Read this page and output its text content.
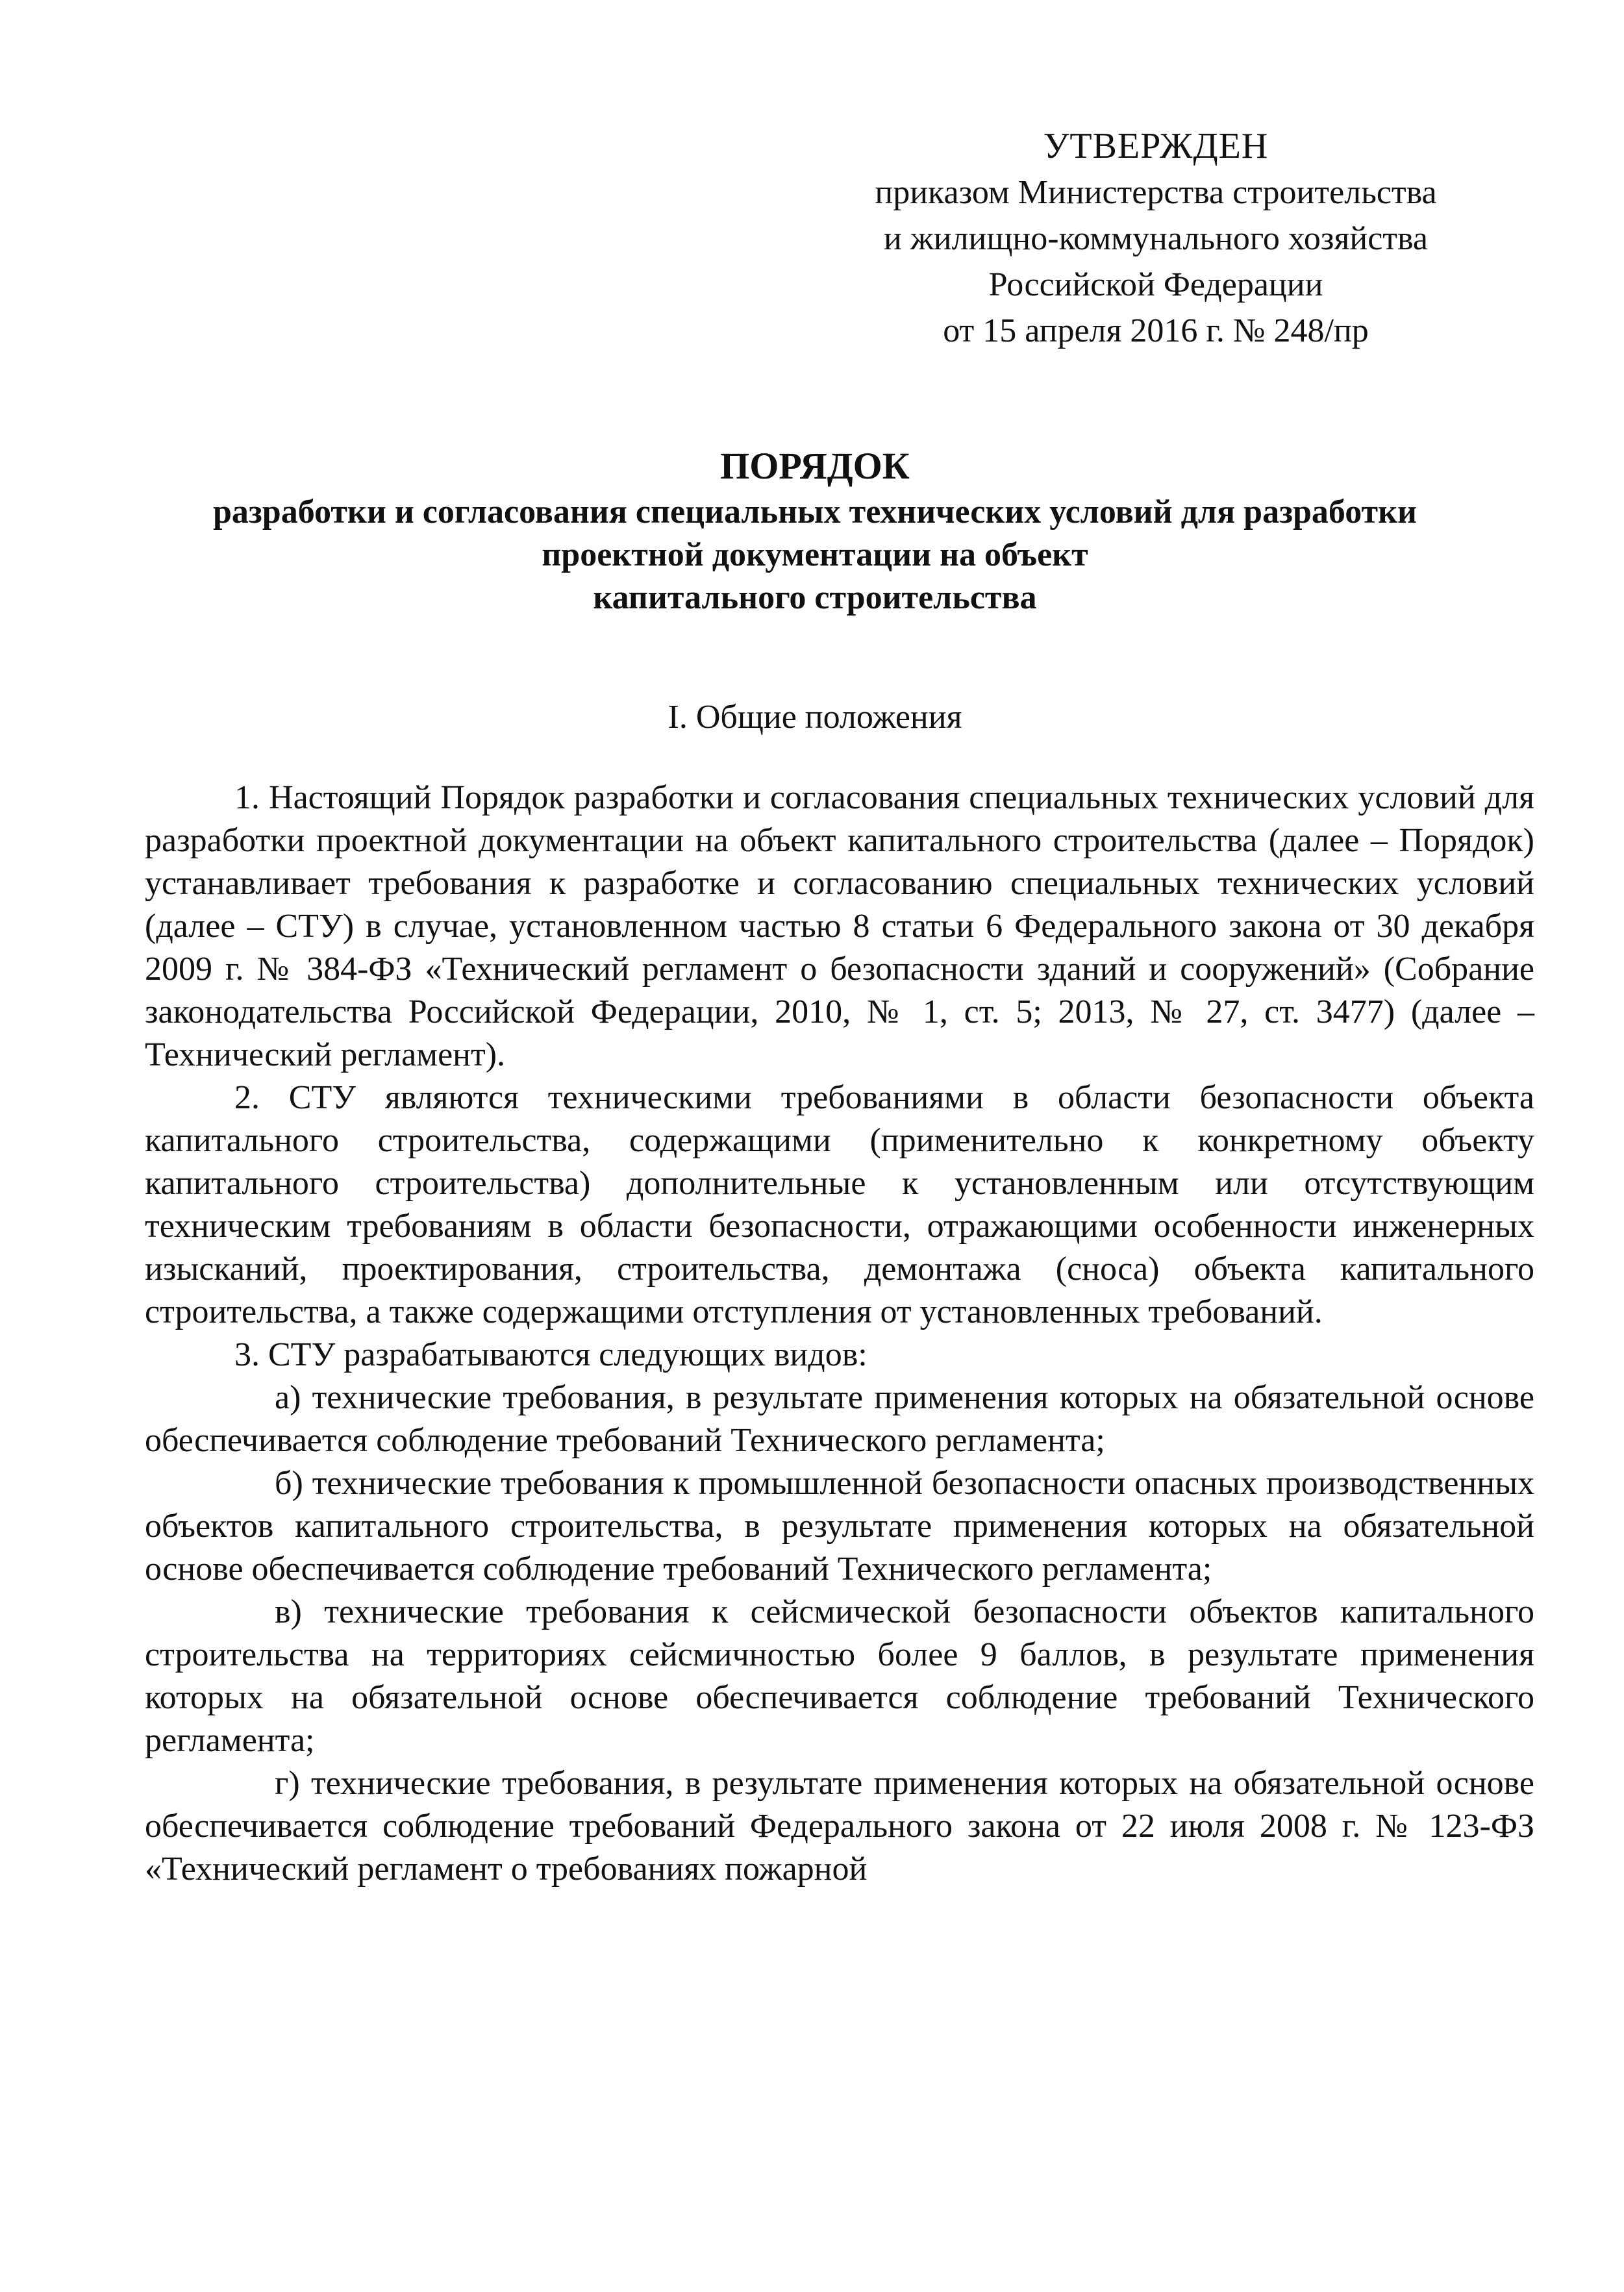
УТВЕРЖДЕН
приказом Министерства строительства
и жилищно-коммунального хозяйства
Российской Федерации
от 15 апреля 2016 г. № 248/пр
ПОРЯДОК
разработки и согласования специальных технических условий для разработки
проектной документации на объект
капитального строительства
I. Общие положения

1. Настоящий Порядок разработки и согласования специальных технических условий для разработки проектной документации на объект капитального строительства (далее – Порядок) устанавливает требования к разработке и согласованию специальных технических условий (далее – СТУ) в случае, установленном частью 8 статьи 6 Федерального закона от 30 декабря 2009 г. № 384-ФЗ «Технический регламент о безопасности зданий и сооружений» (Собрание законодательства Российской Федерации, 2010, № 1, ст. 5; 2013, № 27, ст. 3477) (далее – Технический регламент).

2. СТУ являются техническими требованиями в области безопасности объекта капитального строительства, содержащими (применительно к конкретному объекту капитального строительства) дополнительные к установленным или отсутствующим техническим требованиям в области безопасности, отражающими особенности инженерных изысканий, проектирования, строительства, демонтажа (сноса) объекта капитального строительства, а также содержащими отступления от установленных требований.

3. СТУ разрабатываются следующих видов:

а) технические требования, в результате применения которых на обязательной основе обеспечивается соблюдение требований Технического регламента;

б) технические требования к промышленной безопасности опасных производственных объектов капитального строительства, в результате применения которых на обязательной основе обеспечивается соблюдение требований Технического регламента;

в) технические требования к сейсмической безопасности объектов капитального строительства на территориях сейсмичностью более 9 баллов, в результате применения которых на обязательной основе обеспечивается соблюдение требований Технического регламента;

г) технические требования, в результате применения которых на обязательной основе обеспечивается соблюдение требований Федерального закона от 22 июля 2008 г. № 123-ФЗ «Технический регламент о требованиях пожарной
